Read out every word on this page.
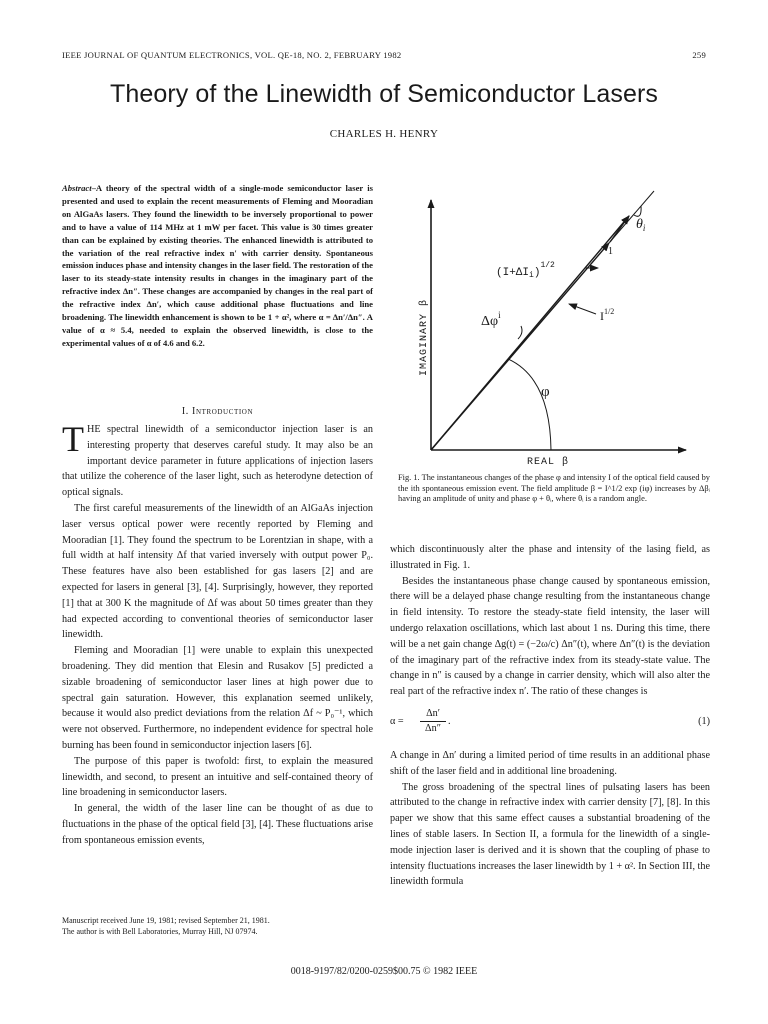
IEEE JOURNAL OF QUANTUM ELECTRONICS, VOL. QE-18, NO. 2, FEBRUARY 1982	259
Theory of the Linewidth of Semiconductor Lasers
CHARLES H. HENRY
Abstract–A theory of the spectral width of a single-mode semiconductor laser is presented and used to explain the recent measurements of Fleming and Mooradian on AlGaAs lasers. They found the linewidth to be inversely proportional to power and to have a value of 114 MHz at 1 mW per facet. This value is 30 times greater than can be explained by existing theories. The enhanced linewidth is attributed to the variation of the real refractive index n′ with carrier density. Spontaneous emission induces phase and intensity changes in the laser field. The restoration of the laser to its steady-state intensity results in changes in the imaginary part of the refractive index Δn″. These changes are accompanied by changes in the real part of the refractive index Δn′, which cause additional phase fluctuations and line broadening. The linewidth enhancement is shown to be 1 + α², where α = Δn′/Δn″. A value of α ≈ 5.4, needed to explain the observed linewidth, is close to the experimental values of α of 4.6 and 6.2.
I. Introduction

THE spectral linewidth of a semiconductor injection laser is an interesting property that deserves careful study. It may also be an important device parameter in future applications of injection lasers that utilize the coherence of the laser light, such as heterodyne detection of optical signals.

The first careful measurements of the linewidth of an AlGaAs injection laser versus optical power were recently reported by Fleming and Mooradian [1]. They found the spectrum to be Lorentzian in shape, with a full width at half intensity Δf that varied inversely with output power P₀. These features have also been established for gas lasers [2] and are expected for lasers in general [3], [4]. Surprisingly, however, they reported [1] that at 300 K the magnitude of Δf was about 50 times greater than they had expected according to conventional theories of semiconductor laser linewidth.

Fleming and Mooradian [1] were unable to explain this unexpected broadening. They did mention that Elesin and Rusakov [5] predicted a sizable broadening of semiconductor laser lines at high power due to spectral gain saturation. However, this explanation seemed unlikely, because it would also predict deviations from the relation Δf ~ P₀⁻¹, which were not observed. Furthermore, no independent evidence for spectral hole burning has been found in semiconductor injection lasers [6].

The purpose of this paper is twofold: first, to explain the measured linewidth, and second, to present an intuitive and self-contained theory of line broadening in semiconductor lasers.

In general, the width of the laser line can be thought of as due to fluctuations in the phase of the optical field [3], [4]. These fluctuations arise from spontaneous emission events,

Manuscript received June 19, 1981; revised September 21, 1981.
The author is with Bell Laboratories, Murray Hill, NJ 07974.
IMAGINARY β
REAL β
$(I+\Delta Ii)^{1/2}$
$\Delta\varphi^i$	$I^{1/2}$
$\theta_i$
φ
1
Fig. 1. The instantaneous changes of the phase φ and intensity I of the optical field caused by the ith spontaneous emission event. The field amplitude β = I^1/2 exp (iφ) increases by Δβᵢ having an amplitude of unity and phase φ + θᵢ, where θᵢ is a random angle.

which discontinuously alter the phase and intensity of the lasing field, as illustrated in Fig. 1.

Besides the instantaneous phase change caused by spontaneous emission, there will be a delayed phase change resulting from the instantaneous change in field intensity. To restore the steady-state field intensity, the laser will undergo relaxation oscillations, which last about 1 ns. During this time, there will be a net gain change Δg(t) = (−2ω/c) Δn″(t), where Δn″(t) is the deviation of the imaginary part of the refractive index from its steady-state value. The change in n″ is caused by a change in carrier density, which will also alter the real part of the refractive index n′. The ratio of these changes is

α =	$\frac{\Delta n'}{\Delta n''}$ .	(1)

A change in Δn′ during a limited period of time results in an additional phase shift of the laser field and in additional line broadening.

The gross broadening of the spectral lines of pulsating lasers has been attributed to the change in refractive index with carrier density [7], [8]. In this paper we show that this same effect causes a substantial broadening of the lines of stable lasers. In Section II, a formula for the linewidth of a single-mode injection laser is derived and it is shown that the coupling of phase to intensity fluctuations increases the laser linewidth by 1 + α². In Section III, the linewidth formula

0018-9197/82/0200-0259$00.75 © 1982 IEEE
